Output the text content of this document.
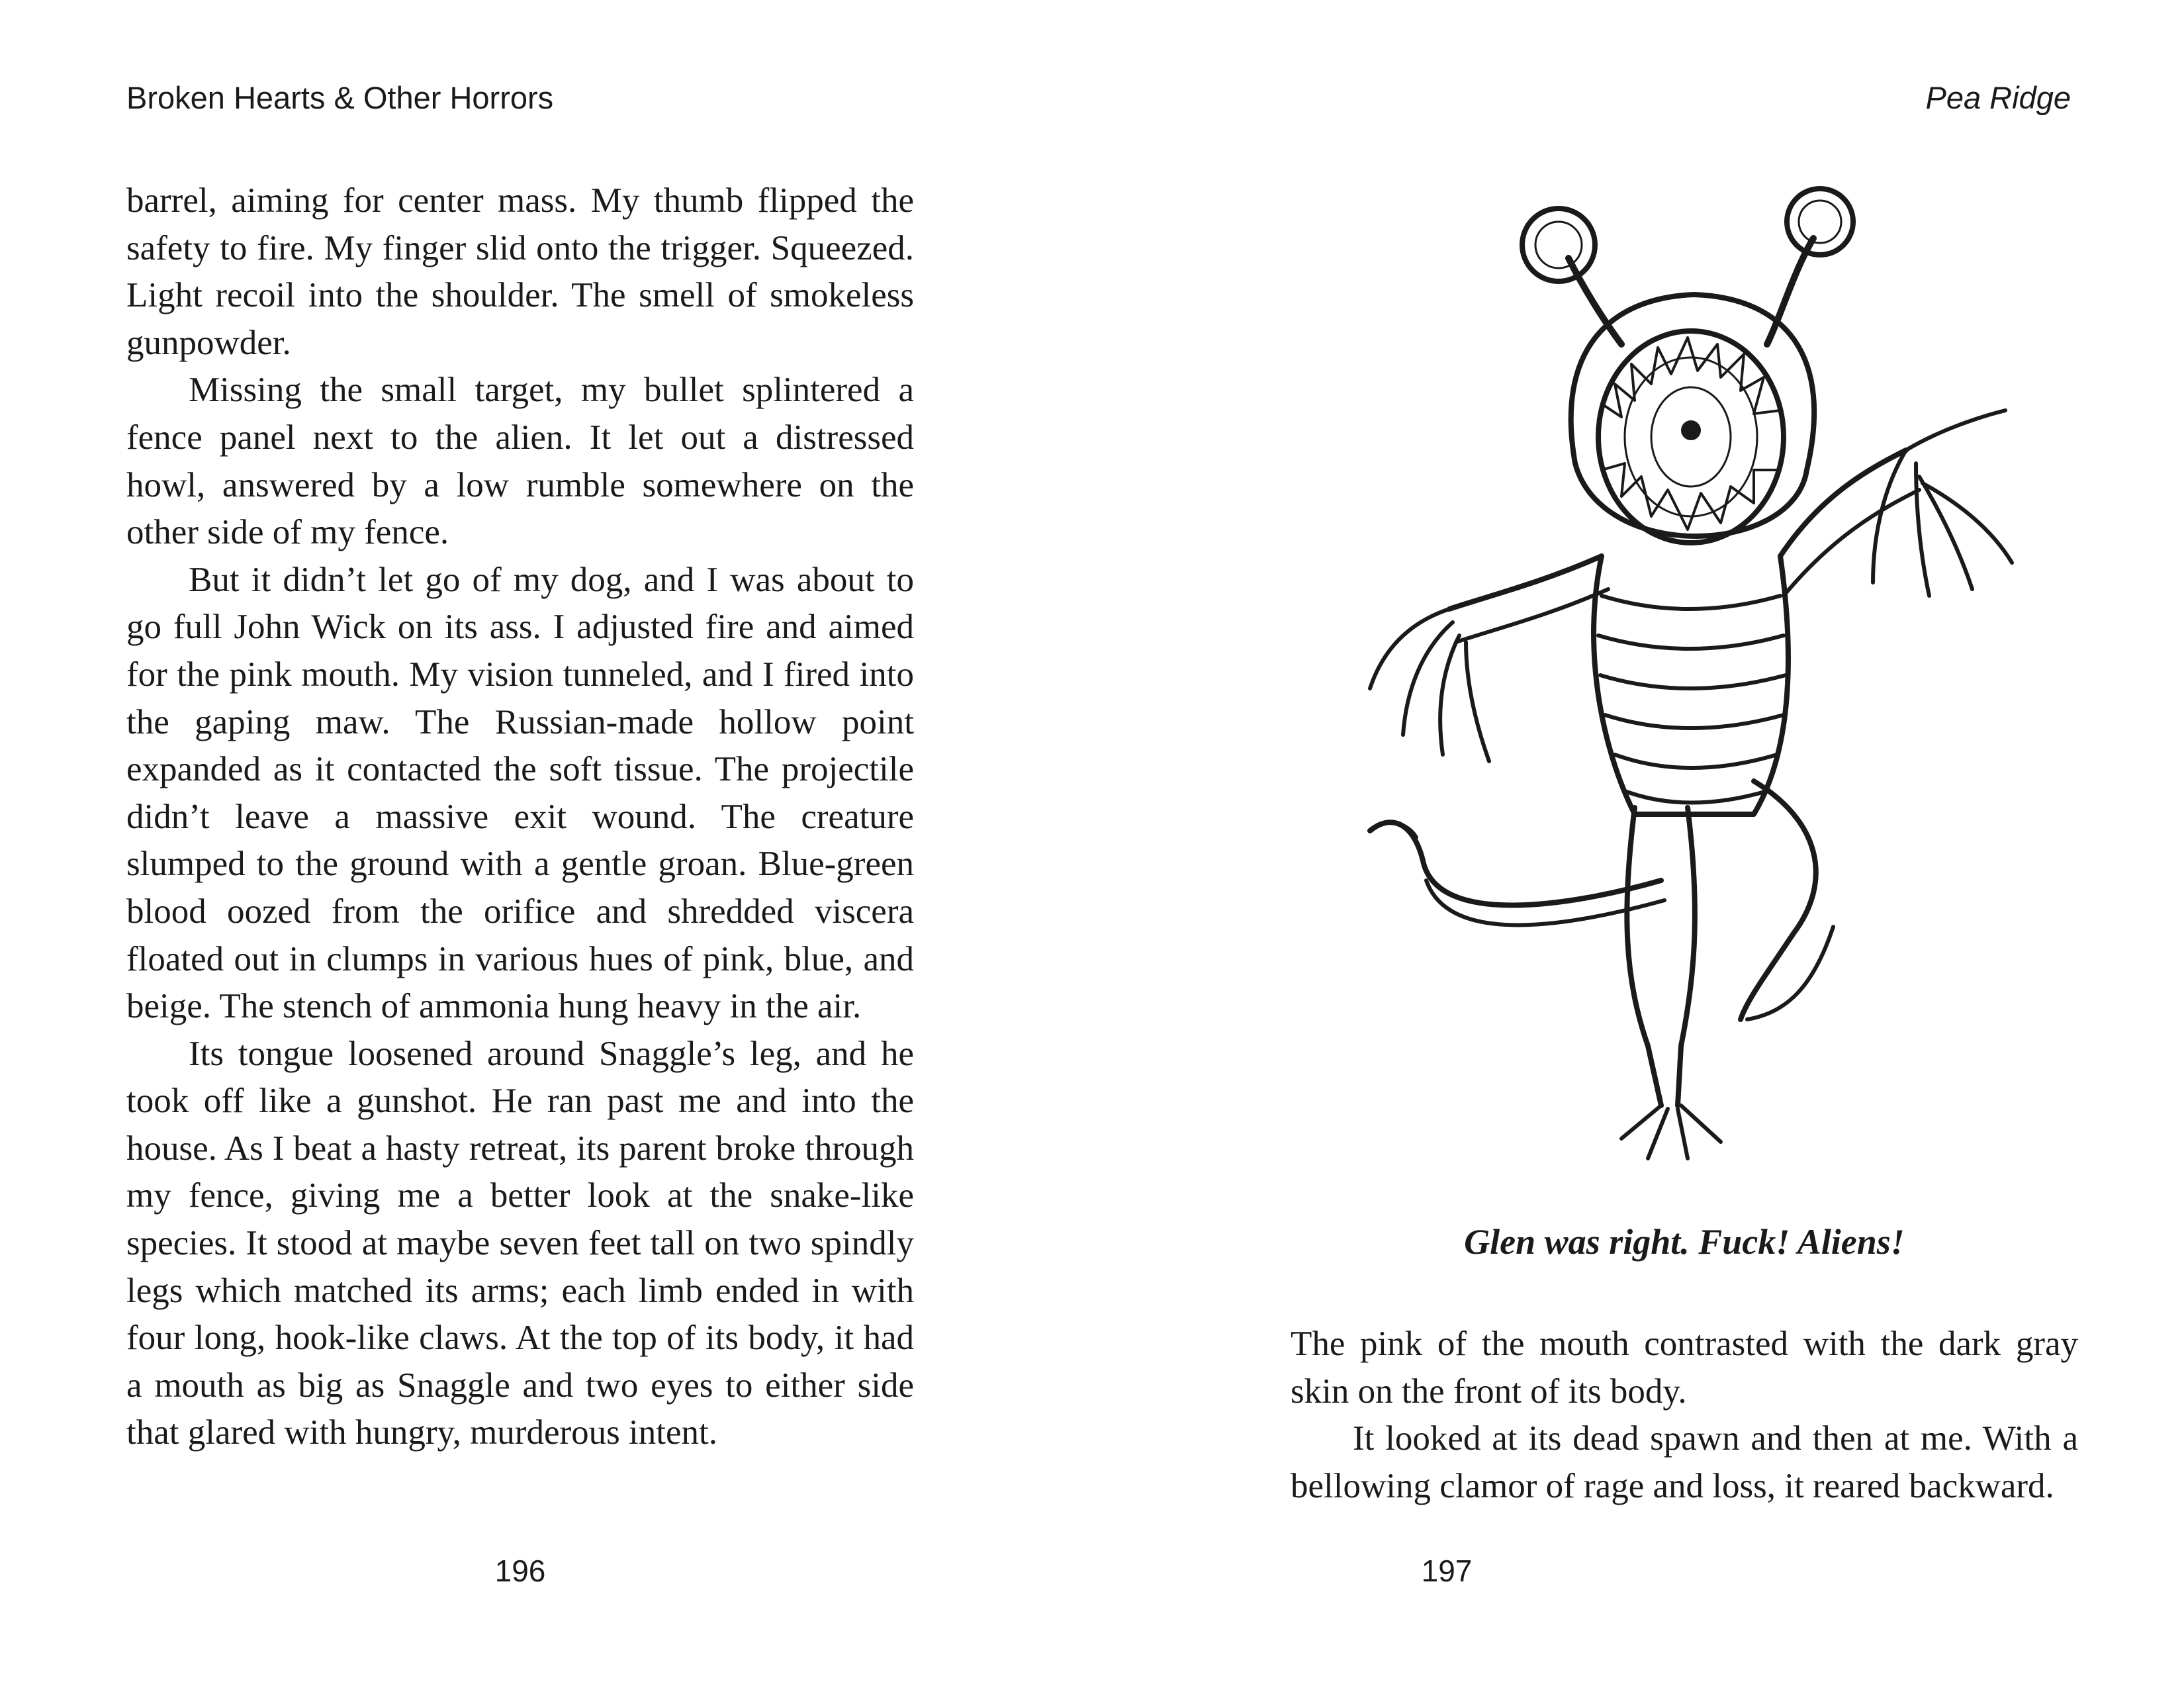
Broken Hearts & Other Horrors

barrel, aiming for center mass. My thumb flipped the safety to fire. My finger slid onto the trigger. Squeezed. Light recoil into the shoulder. The smell of smokeless gunpowder.

Missing the small target, my bullet splintered a fence panel next to the alien. It let out a distressed howl, answered by a low rumble somewhere on the other side of my fence.

But it didn’t let go of my dog, and I was about to go full John Wick on its ass. I adjusted fire and aimed for the pink mouth. My vision tunneled, and I fired into the gaping maw. The Russian-made hollow point expanded as it contacted the soft tissue. The projectile didn’t leave a massive exit wound. The creature slumped to the ground with a gentle groan. Blue-green blood oozed from the orifice and shredded viscera floated out in clumps in various hues of pink, blue, and beige. The stench of ammonia hung heavy in the air.

Its tongue loosened around Snaggle’s leg, and he took off like a gunshot. He ran past me and into the house. As I beat a hasty retreat, its parent broke through my fence, giving me a better look at the snake-like species. It stood at maybe seven feet tall on two spindly legs which matched its arms; each limb ended in with four long, hook-like claws. At the top of its body, it had a mouth as big as Snaggle and two eyes to either side that glared with hungry, murderous intent.

196
Pea Ridge
Glen was right. Fuck! Aliens!

The pink of the mouth contrasted with the dark gray skin on the front of its body.

It looked at its dead spawn and then at me. With a bellowing clamor of rage and loss, it reared backward.

197
